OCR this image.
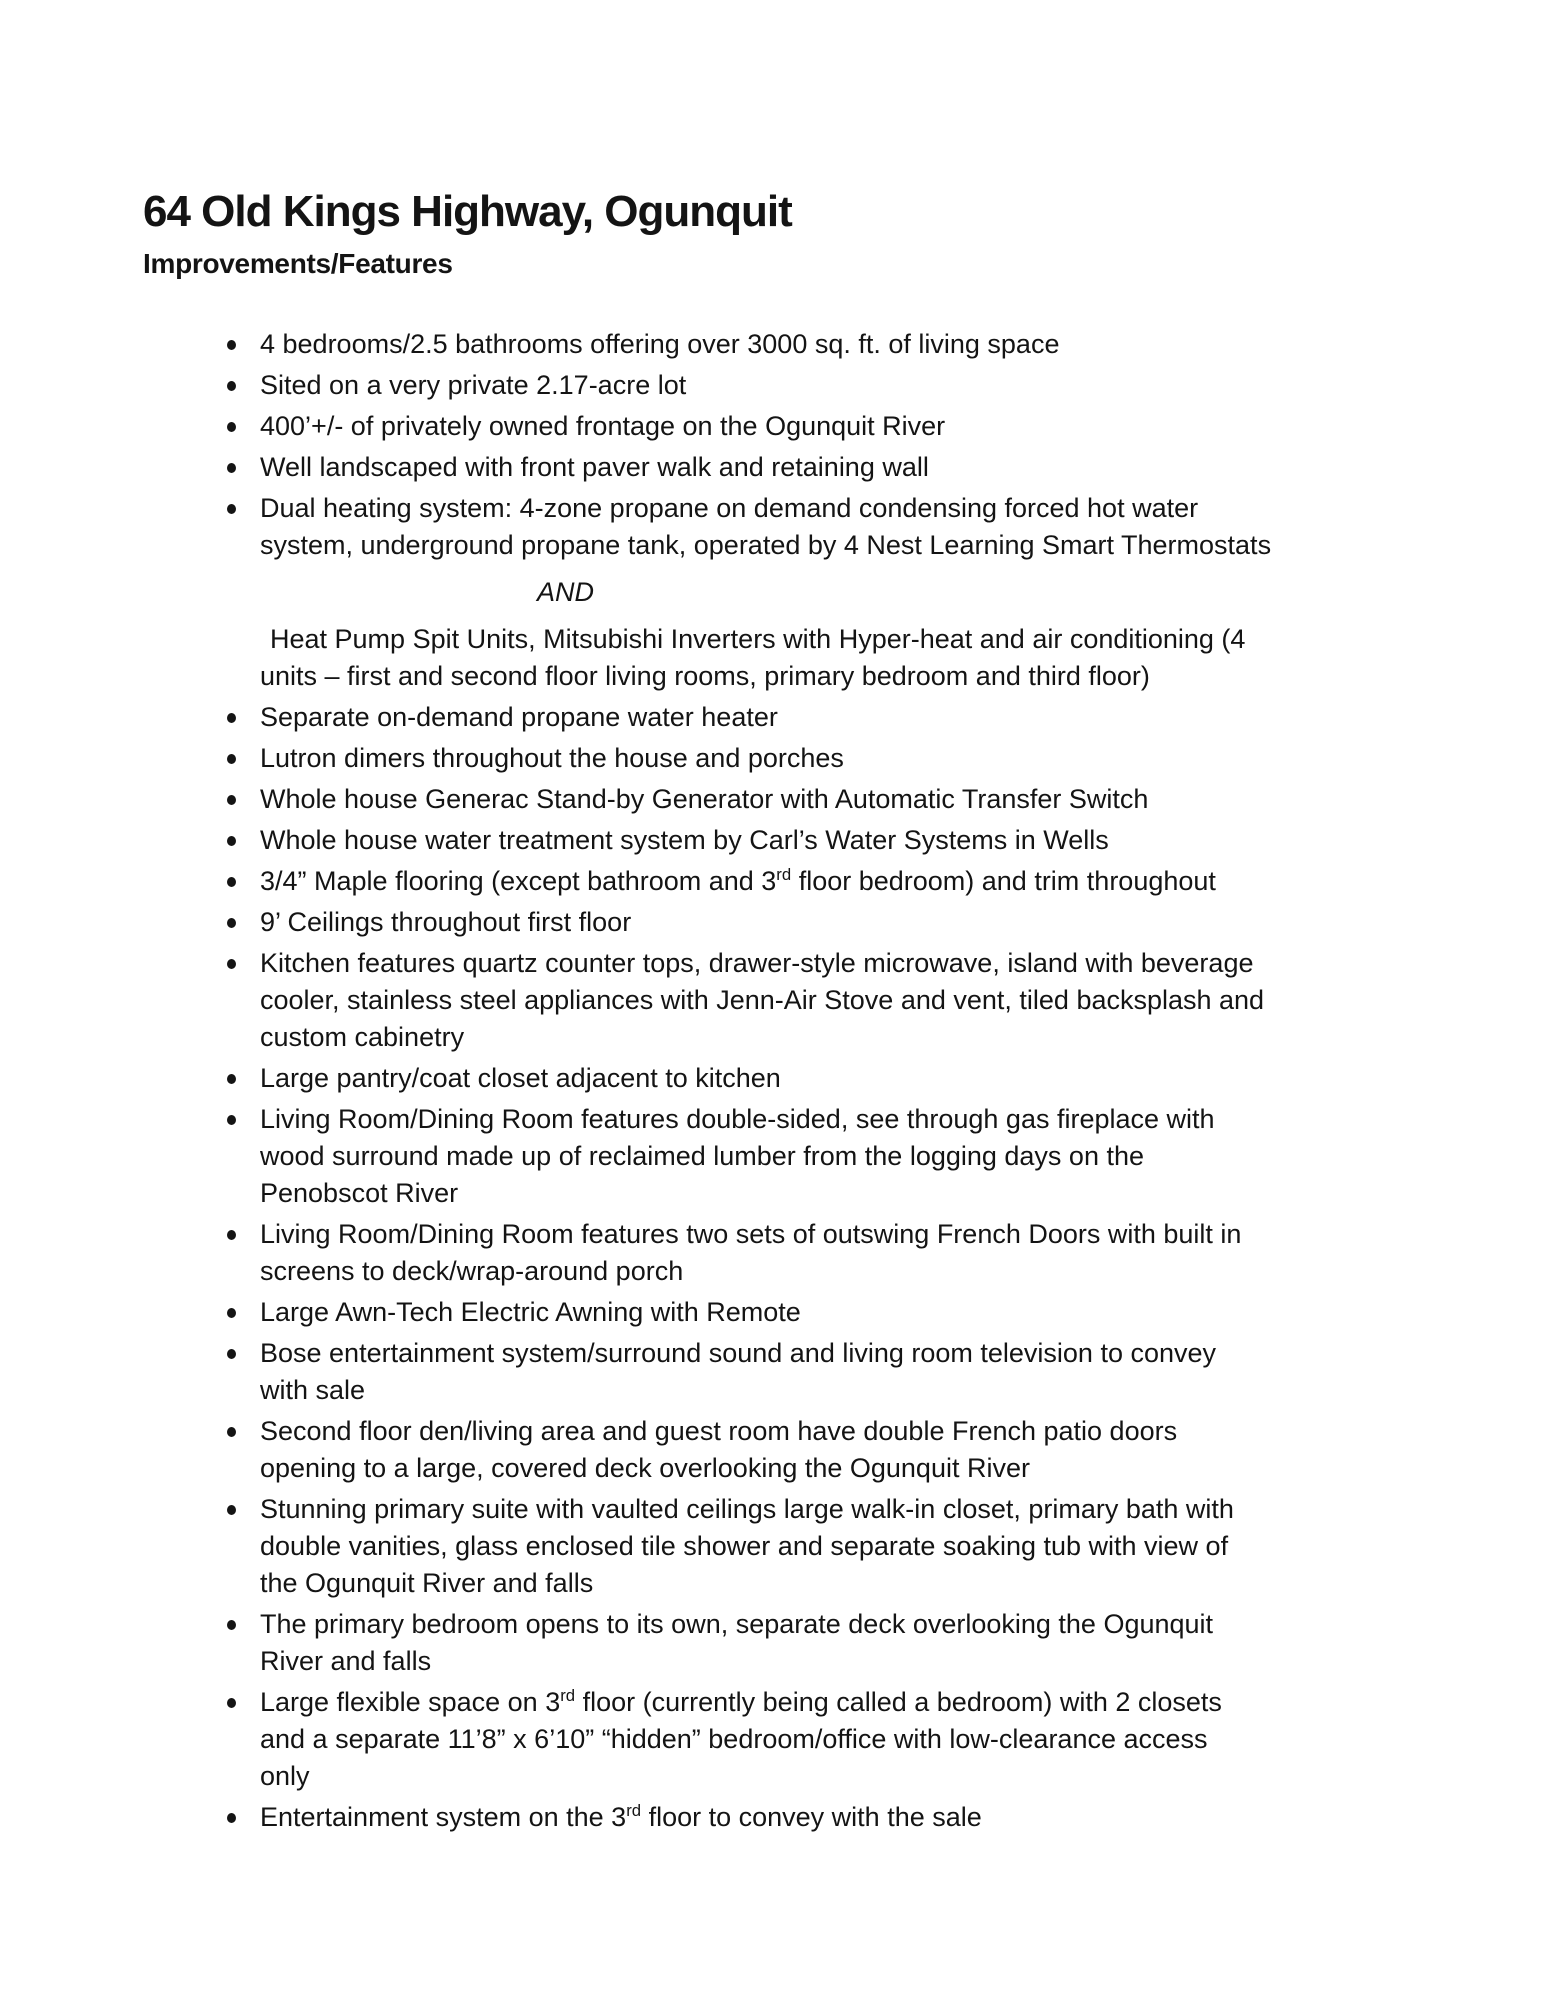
64 Old Kings Highway, Ogunquit
Improvements/Features
4 bedrooms/2.5 bathrooms offering over 3000 sq. ft. of living space
Sited on a very private 2.17-acre lot
400’+/- of privately owned frontage on the Ogunquit River
Well landscaped with front paver walk and retaining wall
Dual heating system: 4-zone propane on demand condensing forced hot water
system, underground propane tank, operated by 4 Nest Learning Smart Thermostats

AND

Heat Pump Spit Units, Mitsubishi Inverters with Hyper-heat and air conditioning (4
units – first and second floor living rooms, primary bedroom and third floor)

Separate on-demand propane water heater
Lutron dimers throughout the house and porches
Whole house Generac Stand-by Generator with Automatic Transfer Switch
Whole house water treatment system by Carl’s Water Systems in Wells
3/4” Maple flooring (except bathroom and 3rd floor bedroom) and trim throughout
9’ Ceilings throughout first floor
Kitchen features quartz counter tops, drawer-style microwave, island with beverage
cooler, stainless steel appliances with Jenn-Air Stove and vent, tiled backsplash and
custom cabinetry
Large pantry/coat closet adjacent to kitchen
Living Room/Dining Room features double-sided, see through gas fireplace with
wood surround made up of reclaimed lumber from the logging days on the
Penobscot River
Living Room/Dining Room features two sets of outswing French Doors with built in
screens to deck/wrap-around porch
Large Awn-Tech Electric Awning with Remote
Bose entertainment system/surround sound and living room television to convey
with sale
Second floor den/living area and guest room have double French patio doors
opening to a large, covered deck overlooking the Ogunquit River
Stunning primary suite with vaulted ceilings large walk-in closet, primary bath with
double vanities, glass enclosed tile shower and separate soaking tub with view of
the Ogunquit River and falls
The primary bedroom opens to its own, separate deck overlooking the Ogunquit
River and falls
Large flexible space on 3rd floor (currently being called a bedroom) with 2 closets
and a separate 11’8” x 6’10” “hidden” bedroom/office with low-clearance access
only
Entertainment system on the 3rd floor to convey with the sale
